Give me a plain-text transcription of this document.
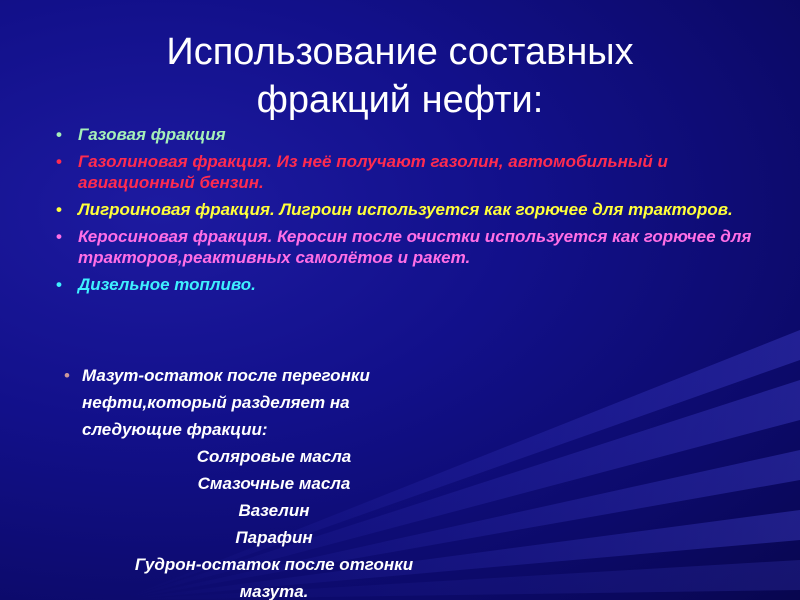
Использование составных
фракций нефти:
• Газовая фракция
• Газолиновая фракция. Из неё получают газолин, автомобильный и авиационный бензин.
• Лигроиновая фракция. Лигроин используется как горючее для тракторов.
• Керосиновая фракция. Керосин после очистки используется как горючее для тракторов,реактивных самолётов и ракет.
• Дизельное топливо.
• Мазут-остаток после перегонки
нефти,который разделяет на
следующие фракции:
Соляровые масла
Смазочные масла
Вазелин
Парафин
Гудрон-остаток после отгонки
мазута.
